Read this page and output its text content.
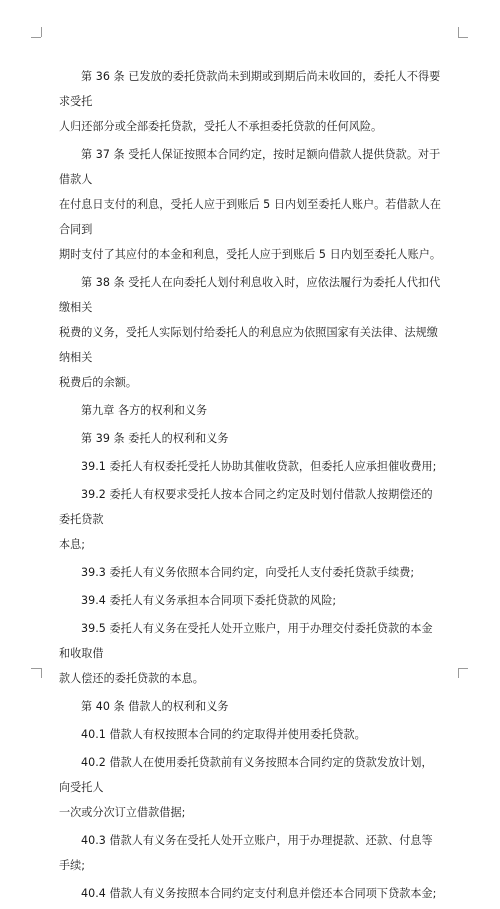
第 36 条 已发放的委托贷款尚未到期或到期后尚未收回的，委托人不得要求受托
人归还部分或全部委托贷款，受托人不承担委托贷款的任何风险。

第 37 条 受托人保证按照本合同约定，按时足额向借款人提供贷款。对于借款人
在付息日支付的利息，受托人应于到账后 5 日内划至委托人账户。若借款人在合同到
期时支付了其应付的本金和利息，受托人应于到账后 5 日内划至委托人账户。

第 38 条 受托人在向委托人划付利息收入时，应依法履行为委托人代扣代缴相关
税费的义务，受托人实际划付给委托人的利息应为依照国家有关法律、法规缴纳相关
税费后的余额。

第九章 各方的权利和义务

第 39 条 委托人的权利和义务

39.1 委托人有权委托受托人协助其催收贷款，但委托人应承担催收费用;

39.2 委托人有权要求受托人按本合同之约定及时划付借款人按期偿还的委托贷款
本息;

39.3 委托人有义务依照本合同约定，向受托人支付委托贷款手续费;

39.4 委托人有义务承担本合同项下委托贷款的风险;

39.5 委托人有义务在受托人处开立账户，用于办理交付委托贷款的本金和收取借
款人偿还的委托贷款的本息。

第 40 条 借款人的权利和义务

40.1 借款人有权按照本合同的约定取得并使用委托贷款。

40.2 借款人在使用委托贷款前有义务按照本合同约定的贷款发放计划，向受托人
一次或分次订立借款借据;

40.3 借款人有义务在受托人处开立账户，用于办理提款、还款、付息等手续;

40.4 借款人有义务按照本合同约定支付利息并偿还本合同项下贷款本金;
